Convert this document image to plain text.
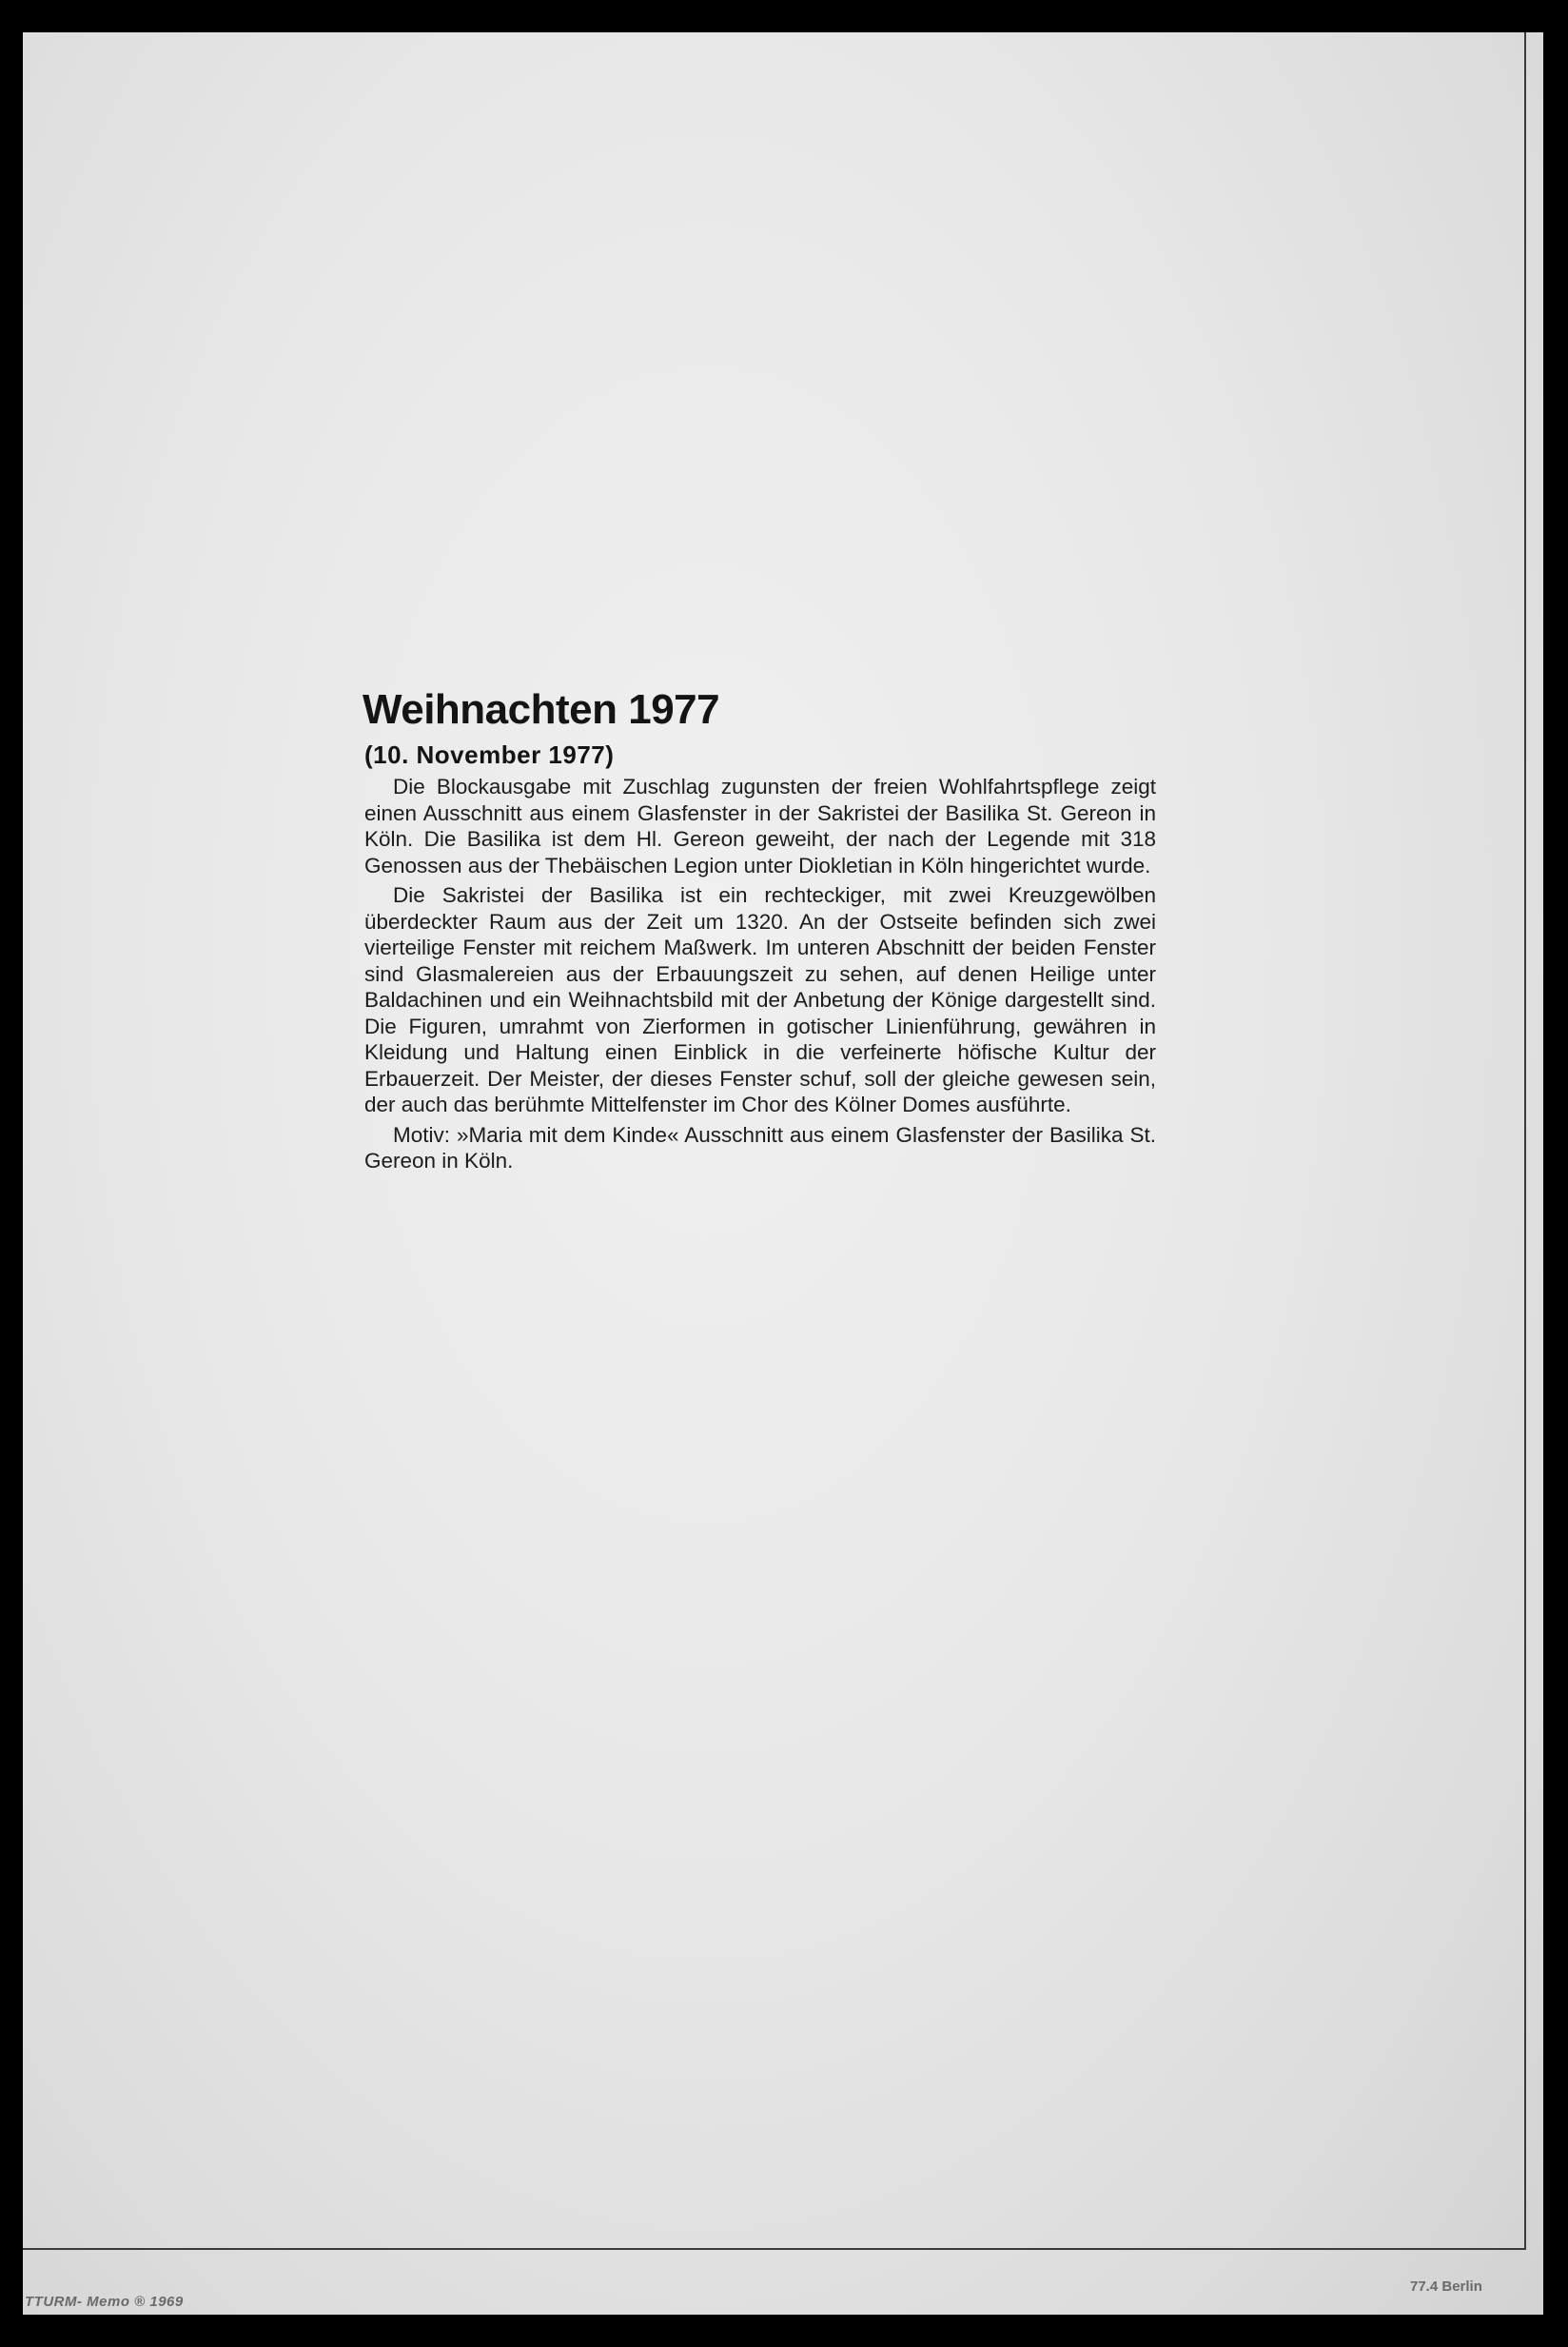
Weihnachten 1977
(10. November 1977)

Die Blockausgabe mit Zuschlag zugunsten der freien Wohlfahrtspflege zeigt einen Ausschnitt aus einem Glasfenster in der Sakristei der Basilika St. Gereon in Köln. Die Basilika ist dem Hl. Gereon geweiht, der nach der Legende mit 318 Genossen aus der Thebäischen Legion unter Diokletian in Köln hingerichtet wurde.

Die Sakristei der Basilika ist ein rechteckiger, mit zwei Kreuzgewölben überdeckter Raum aus der Zeit um 1320. An der Ostseite befinden sich zwei vierteilige Fenster mit reichem Maßwerk. Im unteren Abschnitt der beiden Fenster sind Glasmalereien aus der Erbauungszeit zu sehen, auf denen Heilige unter Baldachinen und ein Weihnachtsbild mit der Anbetung der Könige dargestellt sind. Die Figuren, umrahmt von Zierformen in gotischer Linienführung, gewähren in Kleidung und Haltung einen Einblick in die verfeinerte höfische Kultur der Erbauerzeit. Der Meister, der dieses Fenster schuf, soll der gleiche gewesen sein, der auch das berühmte Mittelfenster im Chor des Kölner Domes ausführte.

Motiv: »Maria mit dem Kinde« Ausschnitt aus einem Glasfenster der Basilika St. Gereon in Köln.

TTURM- Memo ® 1969
77.4 Berlin
